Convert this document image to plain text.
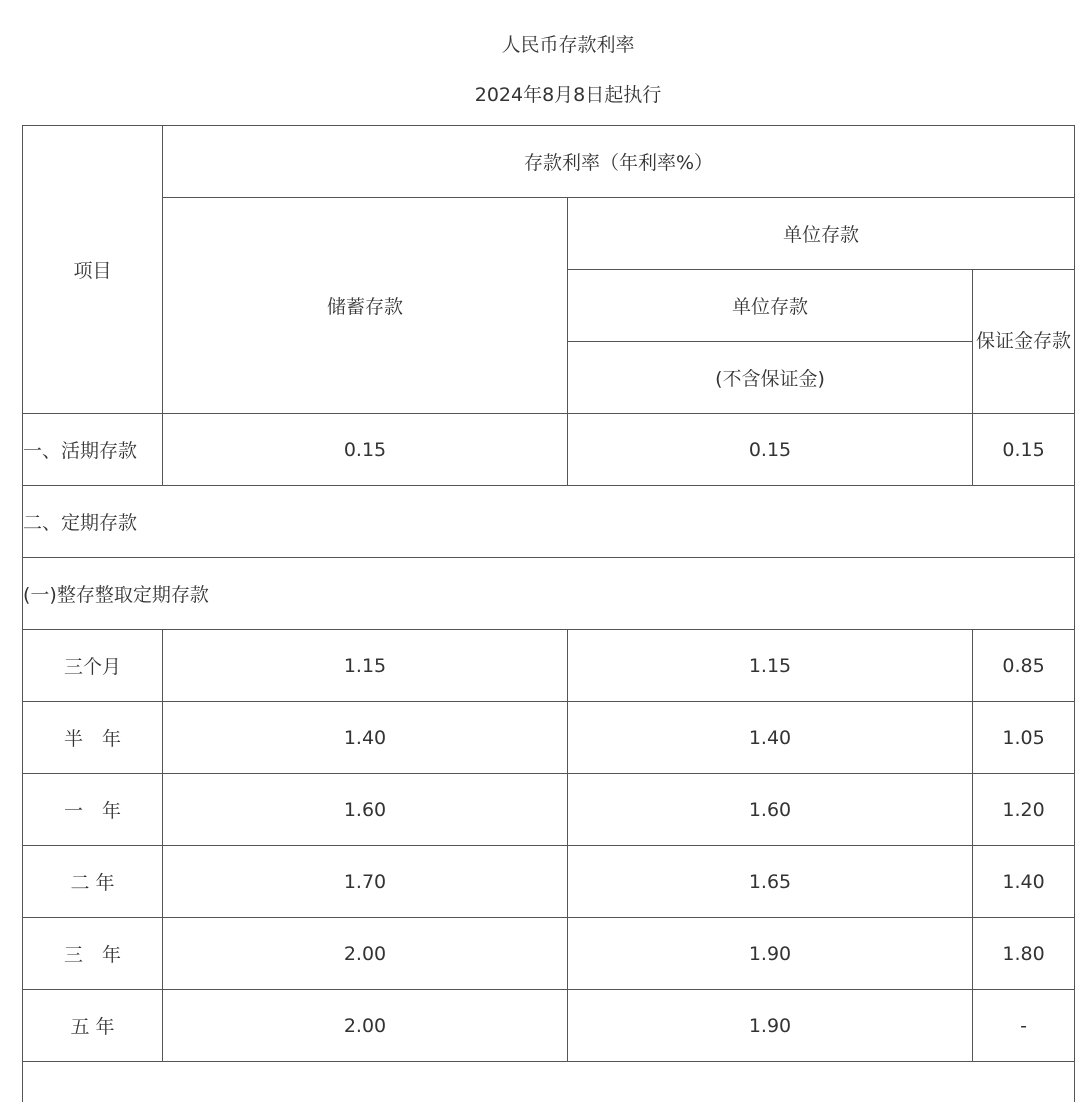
人民币存款利率
2024年8月8日起执行
项目	存款利率（年利率%）		
	储蓄存款	单位存款	
		单位存款	保证金存款
		(不含保证金)	
一、活期存款	0.15	0.15	0.15
二、定期存款			
(一)整存整取定期存款			
三个月	1.15	1.15	0.85
半　年	1.40	1.40	1.05
一　年	1.60	1.60	1.20
二 年	1.70	1.65	1.40
三　年	2.00	1.90	1.80
五 年	2.00	1.90	-
